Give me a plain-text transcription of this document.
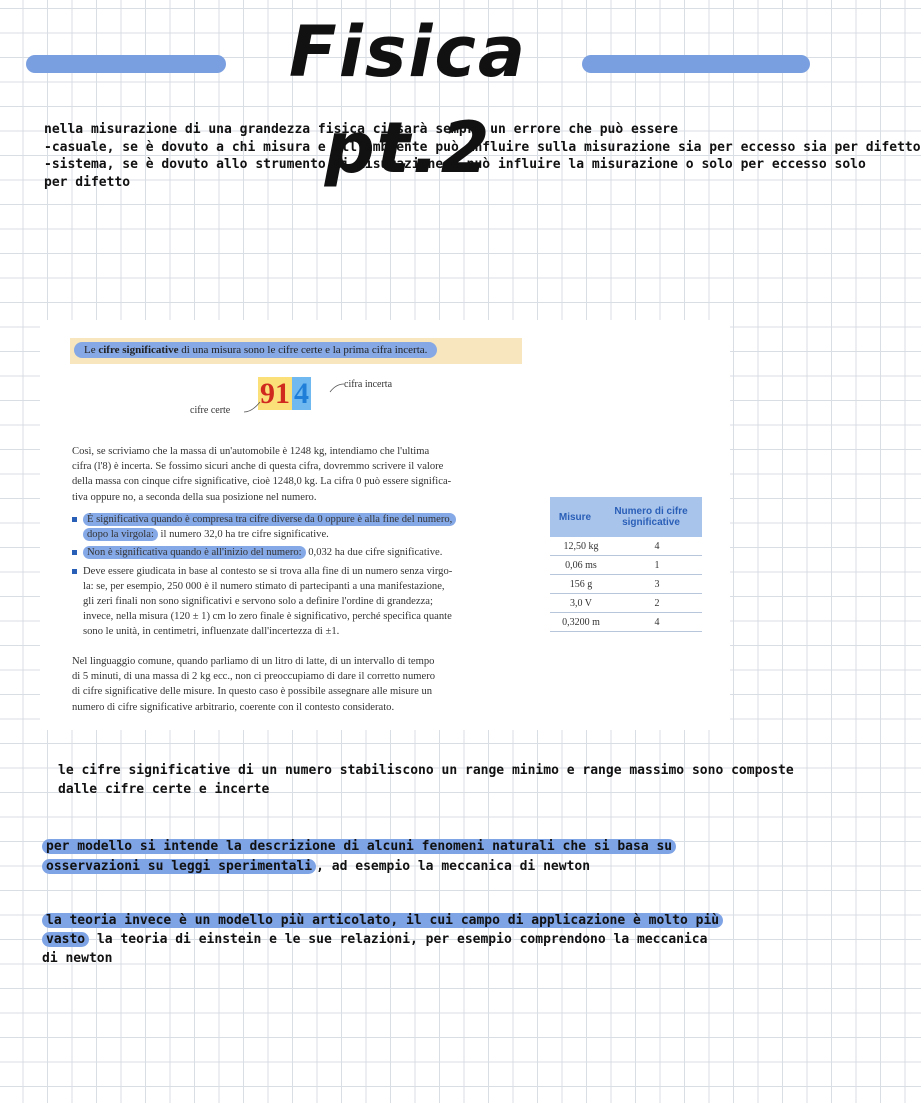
Fisica pt.2
nella misurazione di una grandezza fisica ci sarà sempre un errore che può essere
-casuale, se è dovuto a chi misura e all'ambiente può influire sulla misurazione sia per eccesso sia per difetto
-sistema, se è dovuto allo strumento di misurazione e può influire la misurazione o solo per eccesso solo
per difetto
Le cifre significative di una misura sono le cifre certe e la prima cifra incerta.
91 4	cifra incerta
cifre certe
Così, se scriviamo che la massa di un'automobile è 1248 kg, intendiamo che l'ultima
cifra (l'8) è incerta. Se fossimo sicuri anche di questa cifra, dovremmo scrivere il valore
della massa con cinque cifre significative, cioè 1248,0 kg. La cifra 0 può essere significa-
tiva oppure no, a seconda della sua posizione nel numero.
È significativa quando è compresa tra cifre diverse da 0 oppure è alla fine del numero,
dopo la virgola: il numero 32,0 ha tre cifre significative.
Non è significativa quando è all'inizio del numero: 0,032 ha due cifre significative.
Deve essere giudicata in base al contesto se si trova alla fine di un numero senza virgo-
la: se, per esempio, 250 000 è il numero stimato di partecipanti a una manifestazione,
gli zeri finali non sono significativi e servono solo a definire l'ordine di grandezza;
invece, nella misura (120 ± 1) cm lo zero finale è significativo, perché specifica quante
sono le unità, in centimetri, influenzate dall'incertezza di ±1.
Nel linguaggio comune, quando parliamo di un litro di latte, di un intervallo di tempo
di 5 minuti, di una massa di 2 kg ecc., non ci preoccupiamo di dare il corretto numero
di cifre significative delle misure. In questo caso è possibile assegnare alle misure un
numero di cifre significative arbitrario, coerente con il contesto considerato.
Misure	Numero di cifre
significative
12,50 kg	4
0,06 ms	1
156 g	3
3,0 V	2
0,3200 m	4
le cifre significative di un numero stabiliscono un range minimo e range massimo sono composte
dalle cifre certe e incerte
per modello si intende la descrizione di alcuni fenomeni naturali che si basa su
osservazioni su leggi sperimentali , ad esempio la meccanica di newton
la teoria invece è un modello più articolato, il cui campo di applicazione è molto più
vasto la teoria di einstein e le sue relazioni, per esempio comprendono la meccanica
di newton
